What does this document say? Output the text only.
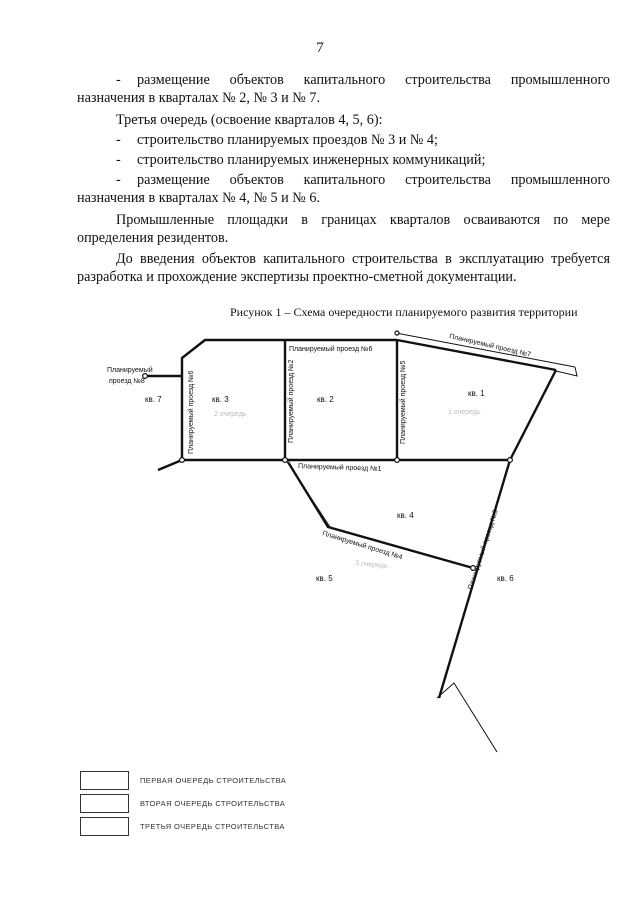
7
- размещение объектов капитального строительства промышленного
назначения в кварталах № 2, № 3 и № 7.
Третья очередь (освоение кварталов 4, 5, 6):
- строительство планируемых проездов № 3 и № 4;
- строительство планируемых инженерных коммуникаций;
- размещение объектов капитального строительства промышленного
назначения в кварталах № 4, № 5 и № 6.
Промышленные площадки в границах кварталов осваиваются по мере
определения резидентов.
До введения объектов капитального строительства в эксплуатацию требуется
разработка и прохождение экспертизы проектно-сметной документации.
Рисунок 1 – Схема очередности планируемого развития территории
кв. 1
кв. 2
кв. 3
кв. 4
кв. 5	кв. 6
кв. 7
2 очередь	1 очередь
3 очередь
Планируемый проезд №6
Планируемый проезд №1
Планируемый проезд №7
Планируемый проезд №6	Планируемый проезд №2	Планируемый проезд №5
Планируемый проезд №4	Планируемый проезд №3
Планируемый
проезд №8
ПЕРВАЯ ОЧЕРЕДЬ СТРОИТЕЛЬСТВА
ВТОРАЯ ОЧЕРЕДЬ СТРОИТЕЛЬСТВА
ТРЕТЬЯ ОЧЕРЕДЬ СТРОИТЕЛЬСТВА
